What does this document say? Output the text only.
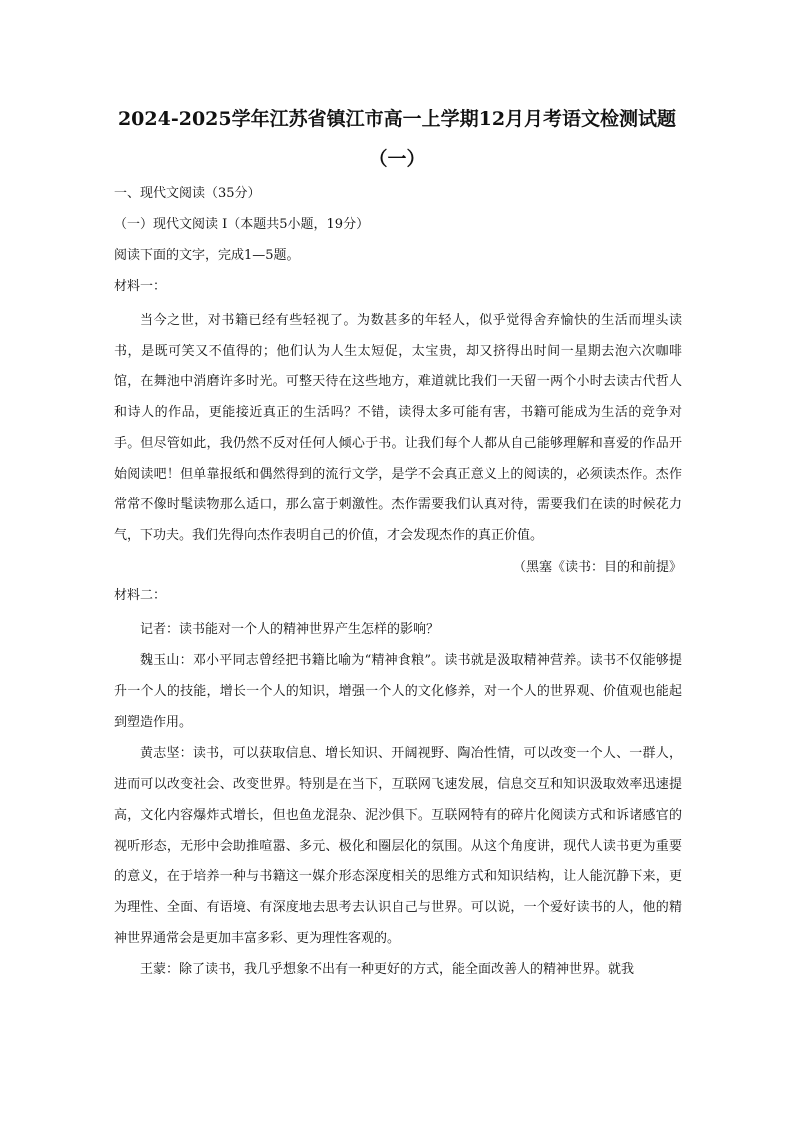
2024-2025学年江苏省镇江市高一上学期12月月考语文检测试题
（一）

一、现代文阅读（35分）

（一）现代文阅读 I（本题共5小题，19分）

阅读下面的文字，完成1—5题。

材料一：

当今之世，对书籍已经有些轻视了。为数甚多的年轻人，似乎觉得舍弃愉快的生活而埋头读书，是既可笑又不值得的；他们认为人生太短促，太宝贵，却又挤得出时间一星期去泡六次咖啡馆，在舞池中消磨许多时光。可整天待在这些地方，难道就比我们一天留一两个小时去读古代哲人和诗人的作品，更能接近真正的生活吗？不错，读得太多可能有害，书籍可能成为生活的竞争对手。但尽管如此，我仍然不反对任何人倾心于书。让我们每个人都从自己能够理解和喜爱的作品开始阅读吧！但单靠报纸和偶然得到的流行文学，是学不会真正意义上的阅读的，必须读杰作。杰作常常不像时髦读物那么适口，那么富于刺激性。杰作需要我们认真对待，需要我们在读的时候花力气，下功夫。我们先得向杰作表明自己的价值，才会发现杰作的真正价值。

（黑塞《读书：目的和前提》

材料二：

记者：读书能对一个人的精神世界产生怎样的影响？

魏玉山：邓小平同志曾经把书籍比喻为“精神食粮”。读书就是汲取精神营养。读书不仅能够提升一个人的技能，增长一个人的知识，增强一个人的文化修养，对一个人的世界观、价值观也能起到塑造作用。

黄志坚：读书，可以获取信息、增长知识、开阔视野、陶冶性情，可以改变一个人、一群人，进而可以改变社会、改变世界。特别是在当下，互联网飞速发展，信息交互和知识汲取效率迅速提高，文化内容爆炸式增长，但也鱼龙混杂、泥沙俱下。互联网特有的碎片化阅读方式和诉诸感官的视听形态，无形中会助推喧嚣、多元、极化和圈层化的氛围。从这个角度讲，现代人读书更为重要的意义，在于培养一种与书籍这一媒介形态深度相关的思维方式和知识结构，让人能沉静下来，更为理性、全面、有语境、有深度地去思考去认识自己与世界。可以说，一个爱好读书的人，他的精神世界通常会是更加丰富多彩、更为理性客观的。

王蒙：除了读书，我几乎想象不出有一种更好的方式，能全面改善人的精神世界。就我
